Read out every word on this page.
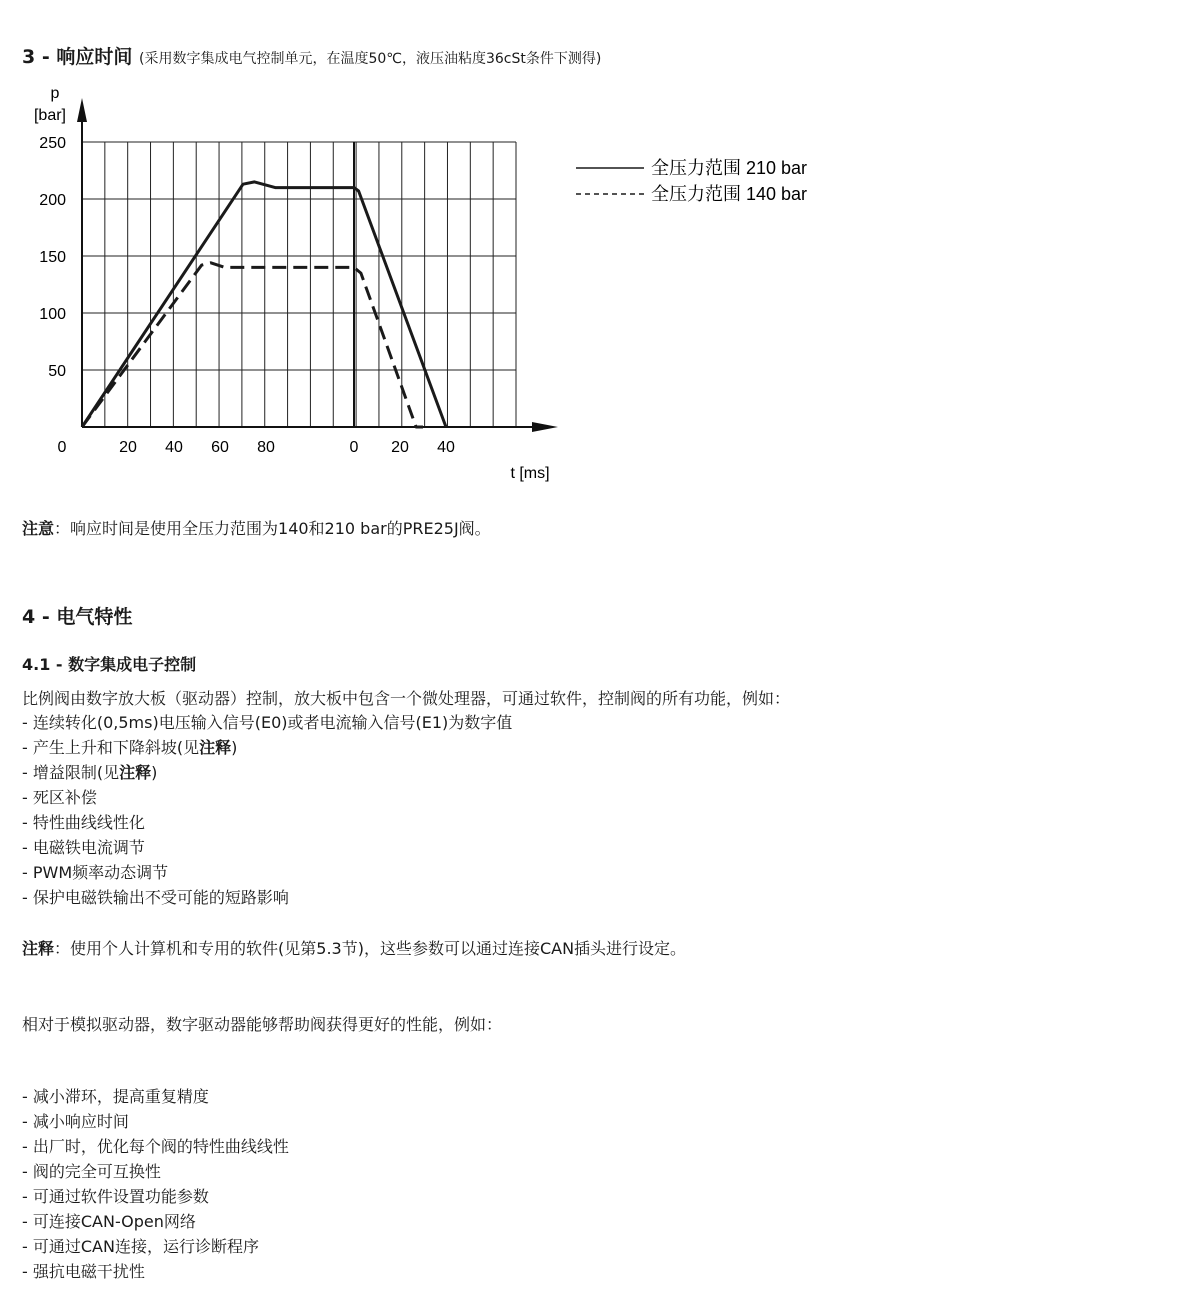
3 - 响应时间 (采用数字集成电气控制单元，在温度50℃，液压油粘度36cSt条件下测得)
p
[bar]
t [ms]
250
200
150
100
50
0	20 40 60 80	0 20 40
全压力范围 210 bar
全压力范围 140 bar
注意：响应时间是使用全压力范围为140和210 bar的PRE25J阀。
4 - 电气特性
4.1 - 数字集成电子控制
比例阀由数字放大板（驱动器）控制，放大板中包含一个微处理器，可通过软件，控制阀的所有功能，例如：
- 连续转化(0,5ms)电压输入信号(E0)或者电流输入信号(E1)为数字值
- 产生上升和下降斜坡(见注释)
- 增益限制(见注释)
- 死区补偿
- 特性曲线线性化
- 电磁铁电流调节
- PWM频率动态调节
- 保护电磁铁输出不受可能的短路影响
注释：使用个人计算机和专用的软件(见第5.3节)，这些参数可以通过连接CAN插头进行设定。
相对于模拟驱动器，数字驱动器能够帮助阀获得更好的性能，例如：
- 减小滞环，提高重复精度
- 减小响应时间
- 出厂时，优化每个阀的特性曲线线性
- 阀的完全可互换性
- 可通过软件设置功能参数
- 可连接CAN-Open网络
- 可通过CAN连接，运行诊断程序
- 强抗电磁干扰性
